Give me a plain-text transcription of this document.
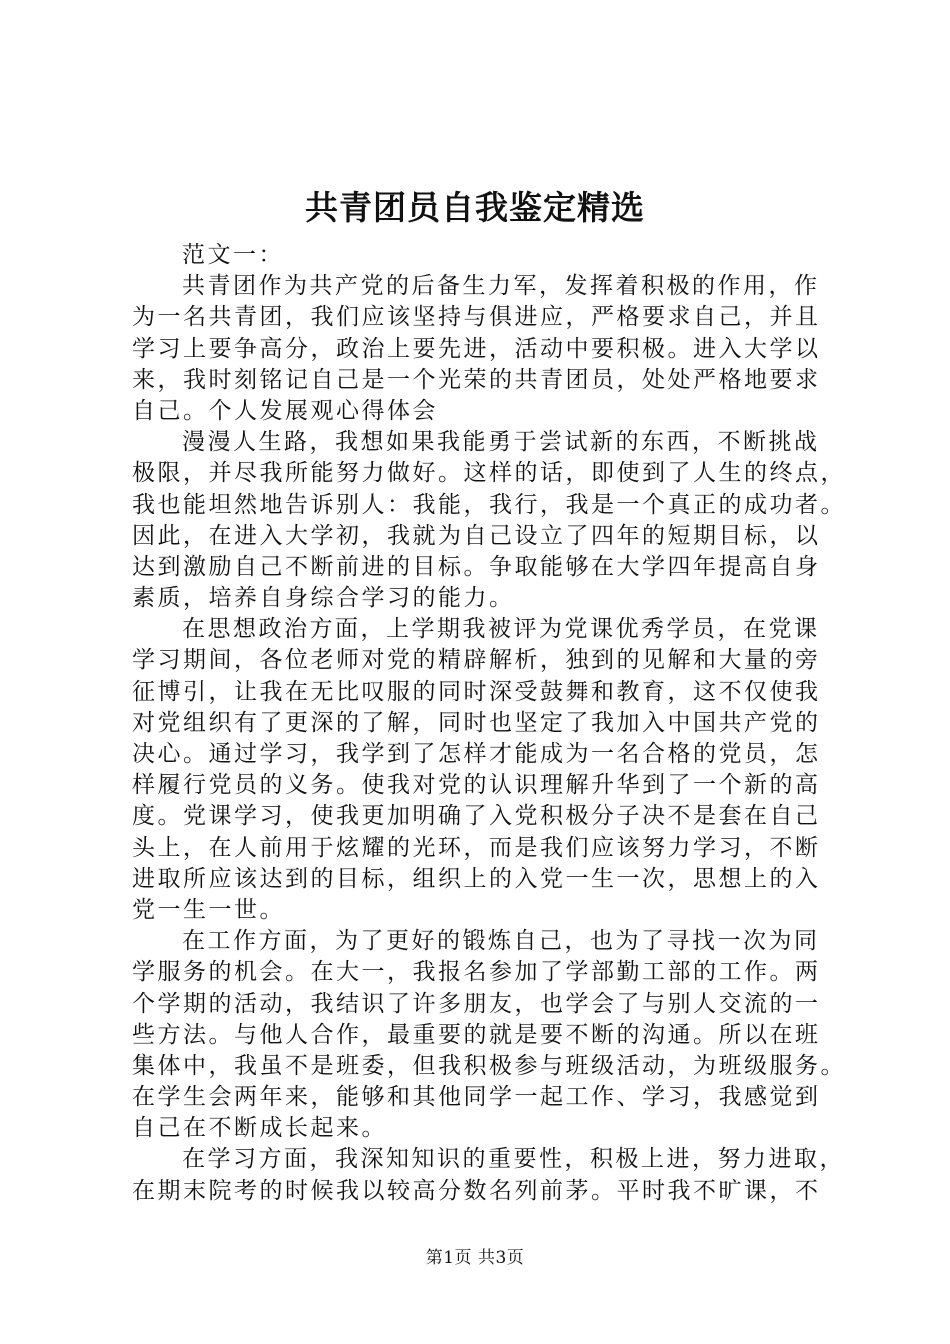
共青团员自我鉴定精选
范文一：
共青团作为共产党的后备生力军，发挥着积极的作用，作
为一名共青团，我们应该坚持与俱进应，严格要求自己，并且
学习上要争高分，政治上要先进，活动中要积极。进入大学以
来，我时刻铭记自己是一个光荣的共青团员，处处严格地要求
自己。个人发展观心得体会
漫漫人生路，我想如果我能勇于尝试新的东西，不断挑战
极限，并尽我所能努力做好。这样的话，即使到了人生的终点，
我也能坦然地告诉别人：我能，我行，我是一个真正的成功者。
因此，在进入大学初，我就为自己设立了四年的短期目标，以
达到激励自己不断前进的目标。争取能够在大学四年提高自身
素质，培养自身综合学习的能力。
在思想政治方面，上学期我被评为党课优秀学员，在党课
学习期间，各位老师对党的精辟解析，独到的见解和大量的旁
征博引，让我在无比叹服的同时深受鼓舞和教育，这不仅使我
对党组织有了更深的了解，同时也坚定了我加入中国共产党的
决心。通过学习，我学到了怎样才能成为一名合格的党员，怎
样履行党员的义务。使我对党的认识理解升华到了一个新的高
度。党课学习，使我更加明确了入党积极分子决不是套在自己
头上，在人前用于炫耀的光环，而是我们应该努力学习，不断
进取所应该达到的目标，组织上的入党一生一次，思想上的入
党一生一世。
在工作方面，为了更好的锻炼自己，也为了寻找一次为同
学服务的机会。在大一，我报名参加了学部勤工部的工作。两
个学期的活动，我结识了许多朋友，也学会了与别人交流的一
些方法。与他人合作，最重要的就是要不断的沟通。所以在班
集体中，我虽不是班委，但我积极参与班级活动，为班级服务。
在学生会两年来，能够和其他同学一起工作、学习，我感觉到
自己在不断成长起来。
在学习方面，我深知知识的重要性，积极上进，努力进取，
在期末院考的时候我以较高分数名列前茅。平时我不旷课，不
第1页 共3页
